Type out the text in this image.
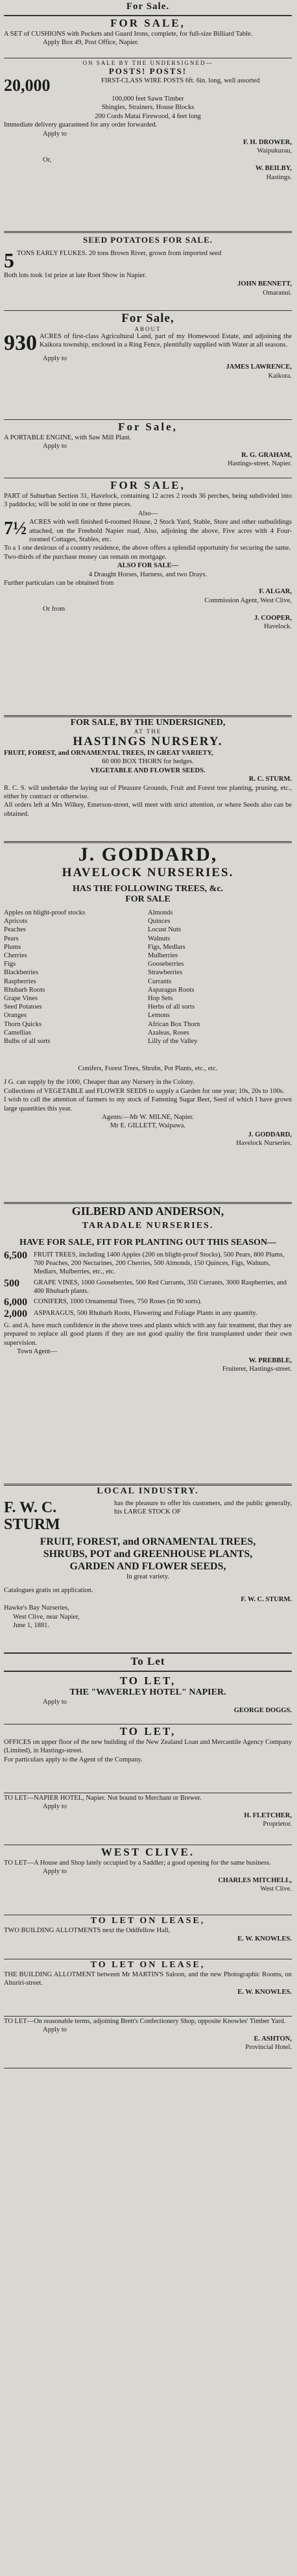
For Sale.
FOR SALE,
A SET of CUSHIONS with Pockets and Guard Irons, complete, for full-size Billiard Table.
Apply Box 49, Post Office, Napier.
ON SALE BY THE UNDERSIGNED—
POSTS! POSTS!
20,000	FIRST-CLASS WIRE POSTS 6ft. 6in. long, well assorted
100,000 feet Sawn Timber
Shingles, Strainers, House Blocks
200 Cords Matai Firewood, 4 feet long
Immediate delivery guaranteed for any order forwarded.
Apply to
F. H. DROWER,
Waipukurau,
Or,
W. BEILBY,
Hastings.
SEED POTATOES FOR SALE.
5 TONS EARLY FLUKES. 20 tons Brown River, grown from imported seed
Both lots took 1st prize at late Root Show in Napier.
JOHN BENNETT,
Omaranui.
For Sale,
ABOUT
930 ACRES of first-class Agricultural Land, part of my Homewood Estate, and adjoining the Kaikora township, enclosed in a Ring Fence, plentifully supplied with Water at all seasons.
Apply to
JAMES LAWRENCE,
Kaikora.
For Sale,
A PORTABLE ENGINE, with Saw Mill Plant.
Apply to
R. G. GRAHAM,
Hastings-street, Napier.
FOR SALE,
PART of Suburban Section 31, Havelock, containing 12 acres 2 roods 36 perches, being subdivided into 3 paddocks; will be sold in one or three pieces.
Also—
7½ ACRES with well finished 6-roomed House, 2 Stock Yard, Stable, Store and other outbuildings attached, on the Freehold Napier road, Also, adjoining the above, Five acres with 4 Four-roomed Cottages, Stables, etc.
To a 1 one desirous of a country residence, the above offers a splendid opportunity for securing the same.
Two-thirds of the purchase money can remain on mortgage.
ALSO FOR SALE—
4 Draught Horses, Harness, and two Drays.
Further particulars can be obtained from
F. ALGAR,
Commission Agent, West Clive,
Or from
J. COOPER,
Havelock.
FOR SALE, BY THE UNDERSIGNED,
AT THE
HASTINGS NURSERY.
FRUIT, FOREST, and ORNAMENTAL TREES, IN GREAT VARIETY,
60 000 BOX THORN for hedges.
VEGETABLE AND FLOWER SEEDS.
R. C. STURM.
R. C. S. will undertake the laying out of Pleasure Grounds, Fruit and Forest tree planting, pruning, etc., either by contract or otherwise.
All orders left at Mrs Wilkey, Emerson-street, will meet with strict attention, or where Seeds also can be obtained.
J. GODDARD,
HAVELOCK NURSERIES.
HAS THE FOLLOWING TREES, &c.
FOR SALE
Apples on blight-proof stocks
Apricots
Peaches
Pears
Plums
Cherries
Figs
Blackberries
Raspberries
Rhubarb Roots
Grape Vines
Seed Potatoes
Oranges
Thorn Quicks
Camellias
Bulbs of all sorts
Almonds
Quinces
Locust Nuts
Walnuts
Figs, Medlars
Mulberries
Gooseberries
Strawberries
Currants
Asparagus Roots
Hop Sets
Herbs of all sorts
Lemons
African Box Thorn
Azaleas, Roses
Lilly of the Valley
Conifers, Forest Trees, Shrubs, Pot Plants, etc., etc.
J G. can supply by the 1000, Cheaper than any Nursery in the Colony.
Collections of VEGETABLE and FLOWER SEEDS to supply a Garden for one year; 10s, 20s to 100s.
I wish to call the attention of farmers to my stock of Fattening Sugar Beet, Seed of which I have grown large quantities this year.
Agents:—Mr W. MILNE, Napier.
Mr E. GILLETT, Waipawa.
J. GODDARD,
Havelock Nurseries.
GILBERD AND ANDERSON,
TARADALE NURSERIES.
HAVE FOR SALE, FIT FOR PLANTING OUT THIS SEASON—
6,500 FRUIT TREES, including 1400 Apples (200 on blight-proof Stocks), 500 Pears, 800 Plums, 700 Peaches, 200 Nectarines, 200 Cherries, 500 Almonds, 150 Quinces, Figs, Walnuts, Medlars, Mulberries, etc., etc.
500	GRAPE VINES, 1000 Gooseberries, 500 Red Currants, 350 Currants, 3000 Raspberries, and 400 Rhubarb plants.
6,000 CONIFERS, 1000 Ornamental Trees, 750 Roses (in 90 sorts).
2,000 ASPARAGUS, 500 Rhubarb Roots, Flowering and Foliage Plants in any quantity.
G. and A. have much confidence in the above trees and plants which with any fair treatment, that they are prepared to replace all good plants if they are not good quality the first transplanted under their own supervision.
Town Agent—
W. PREBBLE,
Fruiterer, Hastings-street.
LOCAL INDUSTRY.
F. W. C. STURM
has the pleasure to offer his customers, and the public generally, his LARGE STOCK OF
FRUIT, FOREST, and ORNAMENTAL TREES,
SHRUBS, POT and GREENHOUSE PLANTS,
GARDEN AND FLOWER SEEDS,
In great variety.
Catalogues gratis on application.
F. W. C. STURM.
Hawke's Bay Nurseries,
West Clive, near Napier,
June 1, 1881.
To Let
TO LET,
THE "WAVERLEY HOTEL" NAPIER.
Apply to
GEORGE DOGGS.
TO LET,
OFFICES on upper floor of the new building of the New Zealand Loan and Mercantile Agency Company (Limited), in Hastings-street.
For particulars apply to the Agent of the Company.
TO LET—NAPIER HOTEL, Napier. Not bound to Merchant or Brewer.
Apply to
H. FLETCHER,
Proprietor.
WEST CLIVE.
TO LET—A House and Shop lately occupied by a Saddler; a good opening for the same business.
Apply to
CHARLES MITCHELL,
West Clive.
TO LET ON LEASE,
TWO BUILDING ALLOTMENTS next the Oddfellow Hall,
E. W. KNOWLES.
TO LET ON LEASE,
THE BUILDING ALLOTMENT between Mr MARTIN'S Saloon, and the new Photographic Rooms, on Ahuriri-street.
E. W. KNOWLES.
TO LET—On reasonable terms, adjoining Brett's Confectionery Shop, opposite Knowles' Timber Yard.
Apply to
E. ASHTON,
Provincial Hotel.
